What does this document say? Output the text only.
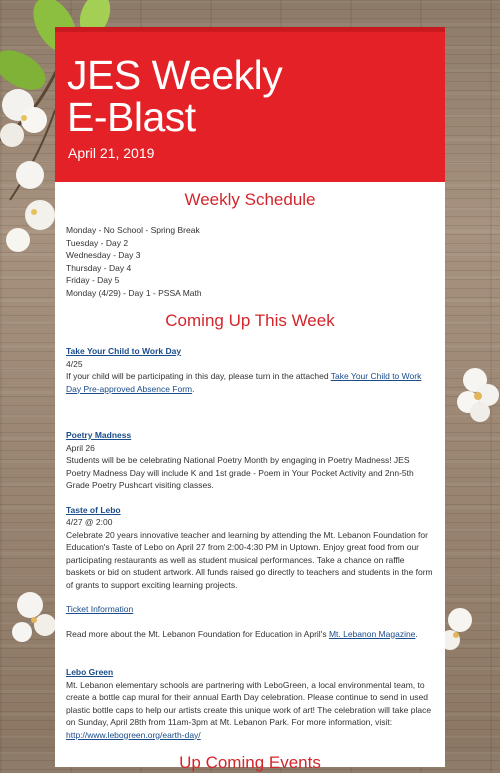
JES Weekly
E-Blast
April 21, 2019
Weekly Schedule
Monday - No School - Spring Break
Tuesday - Day 2
Wednesday - Day 3
Thursday - Day 4
Friday - Day 5
Monday (4/29) - Day 1 - PSSA Math
Coming Up This Week
Take Your Child to Work Day
4/25
If your child will be participating in this day, please turn in the attached Take Your Child to Work Day Pre-approved Absence Form.
Poetry Madness
April 26
Students will be be celebrating National Poetry Month by engaging in Poetry Madness! JES Poetry Madness Day will include K and 1st grade - Poem in Your Pocket Activity and 2nn-5th Grade Poetry Pushcart visiting classes.
Taste of Lebo
4/27 @ 2:00
Celebrate 20 years innovative teacher and learning by attending the Mt. Lebanon Foundation for Education's Taste of Lebo on April 27 from 2:00-4:30 PM in Uptown. Enjoy great food from our participating restaurants as well as student musical performances. Take a chance on raffle baskets or bid on student artwork. All funds raised go directly to teachers and students in the form of grants to support exciting learning projects.
Ticket Information
Read more about the Mt. Lebanon Foundation for Education in April's Mt. Lebanon Magazine.
Lebo Green
Mt. Lebanon elementary schools are partnering with LeboGreen, a local environmental team, to create a bottle cap mural for their annual Earth Day celebration. Please continue to send in used plastic bottle caps to help our artists create this unique work of art! The celebration will take place on Sunday, April 28th from 11am-3pm at Mt. Lebanon Park. For more information, visit:
http://www.lebogreen.org/earth-day/
Up Coming Events
